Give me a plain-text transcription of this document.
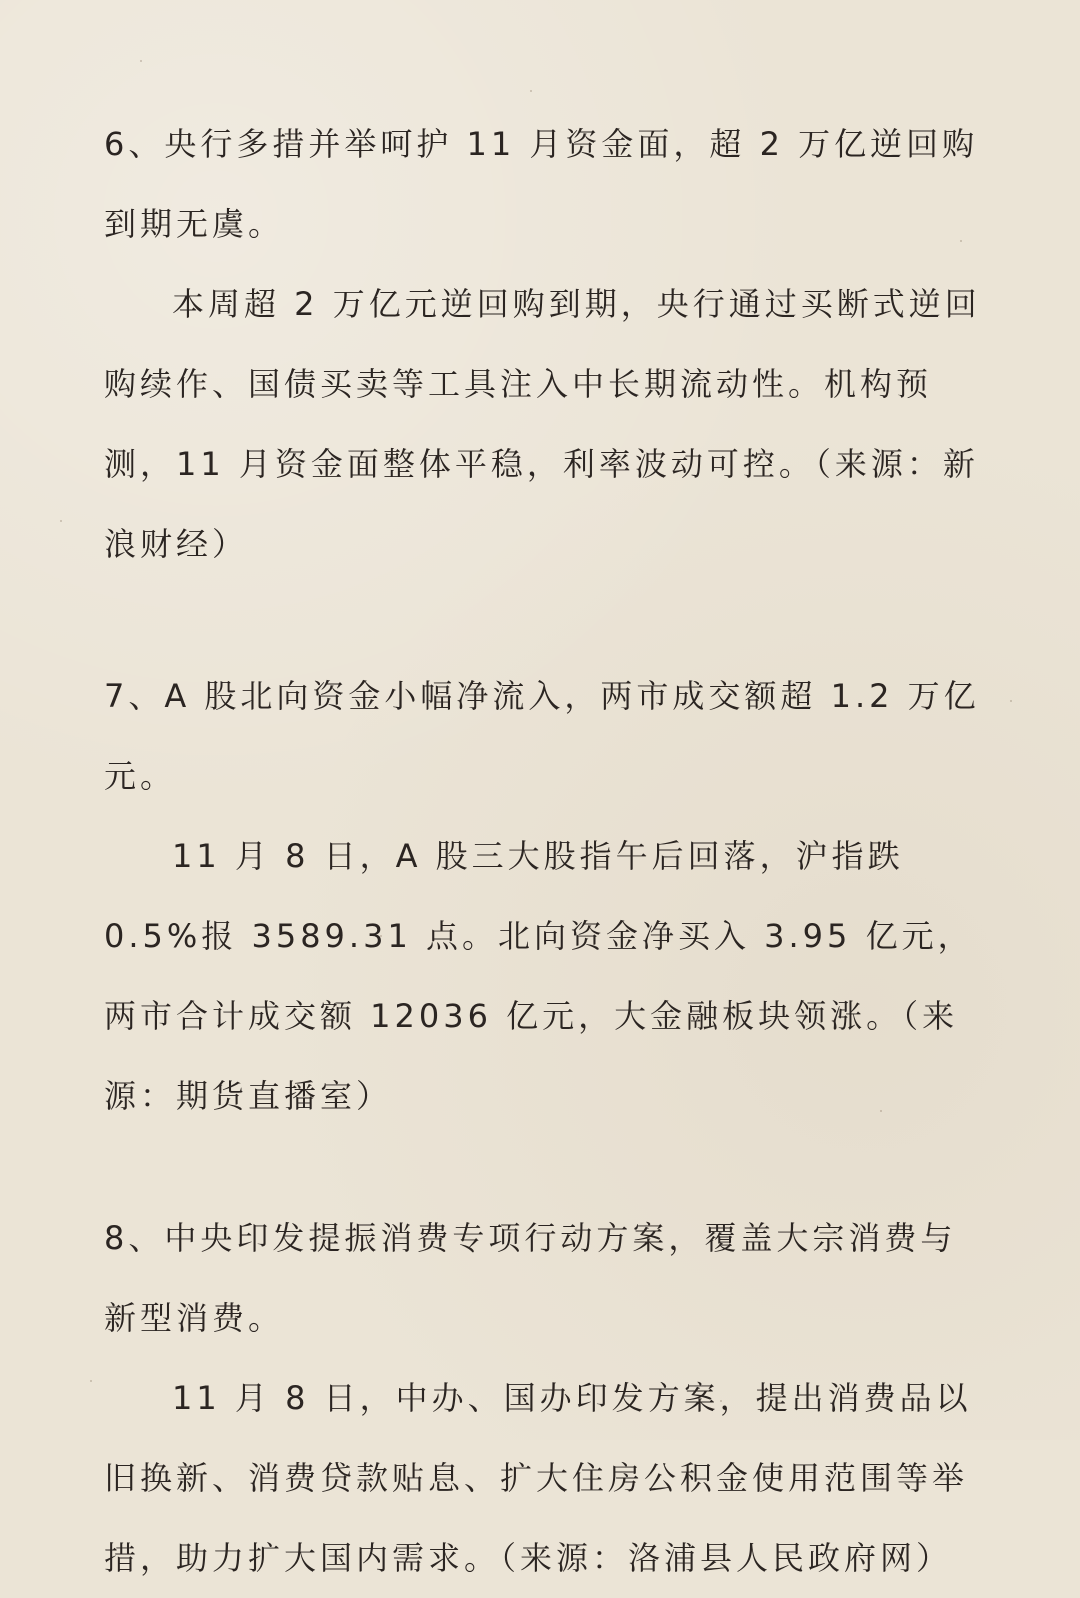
6、央行多措并举呵护 11 月资金面，超 2 万亿逆回购到期无虞。

本周超 2 万亿元逆回购到期，央行通过买断式逆回购续作、国债买卖等工具注入中长期流动性。机构预测，11 月资金面整体平稳，利率波动可控。（来源：新浪财经）

7、A 股北向资金小幅净流入，两市成交额超 1.2 万亿元。

11 月 8 日，A 股三大股指午后回落，沪指跌 0.5%报 3589.31 点。北向资金净买入 3.95 亿元，两市合计成交额 12036 亿元，大金融板块领涨。（来源：期货直播室）

8、中央印发提振消费专项行动方案，覆盖大宗消费与新型消费。

11 月 8 日，中办、国办印发方案，提出消费品以旧换新、消费贷款贴息、扩大住房公积金使用范围等举措，助力扩大国内需求。（来源：洛浦县人民政府网）
